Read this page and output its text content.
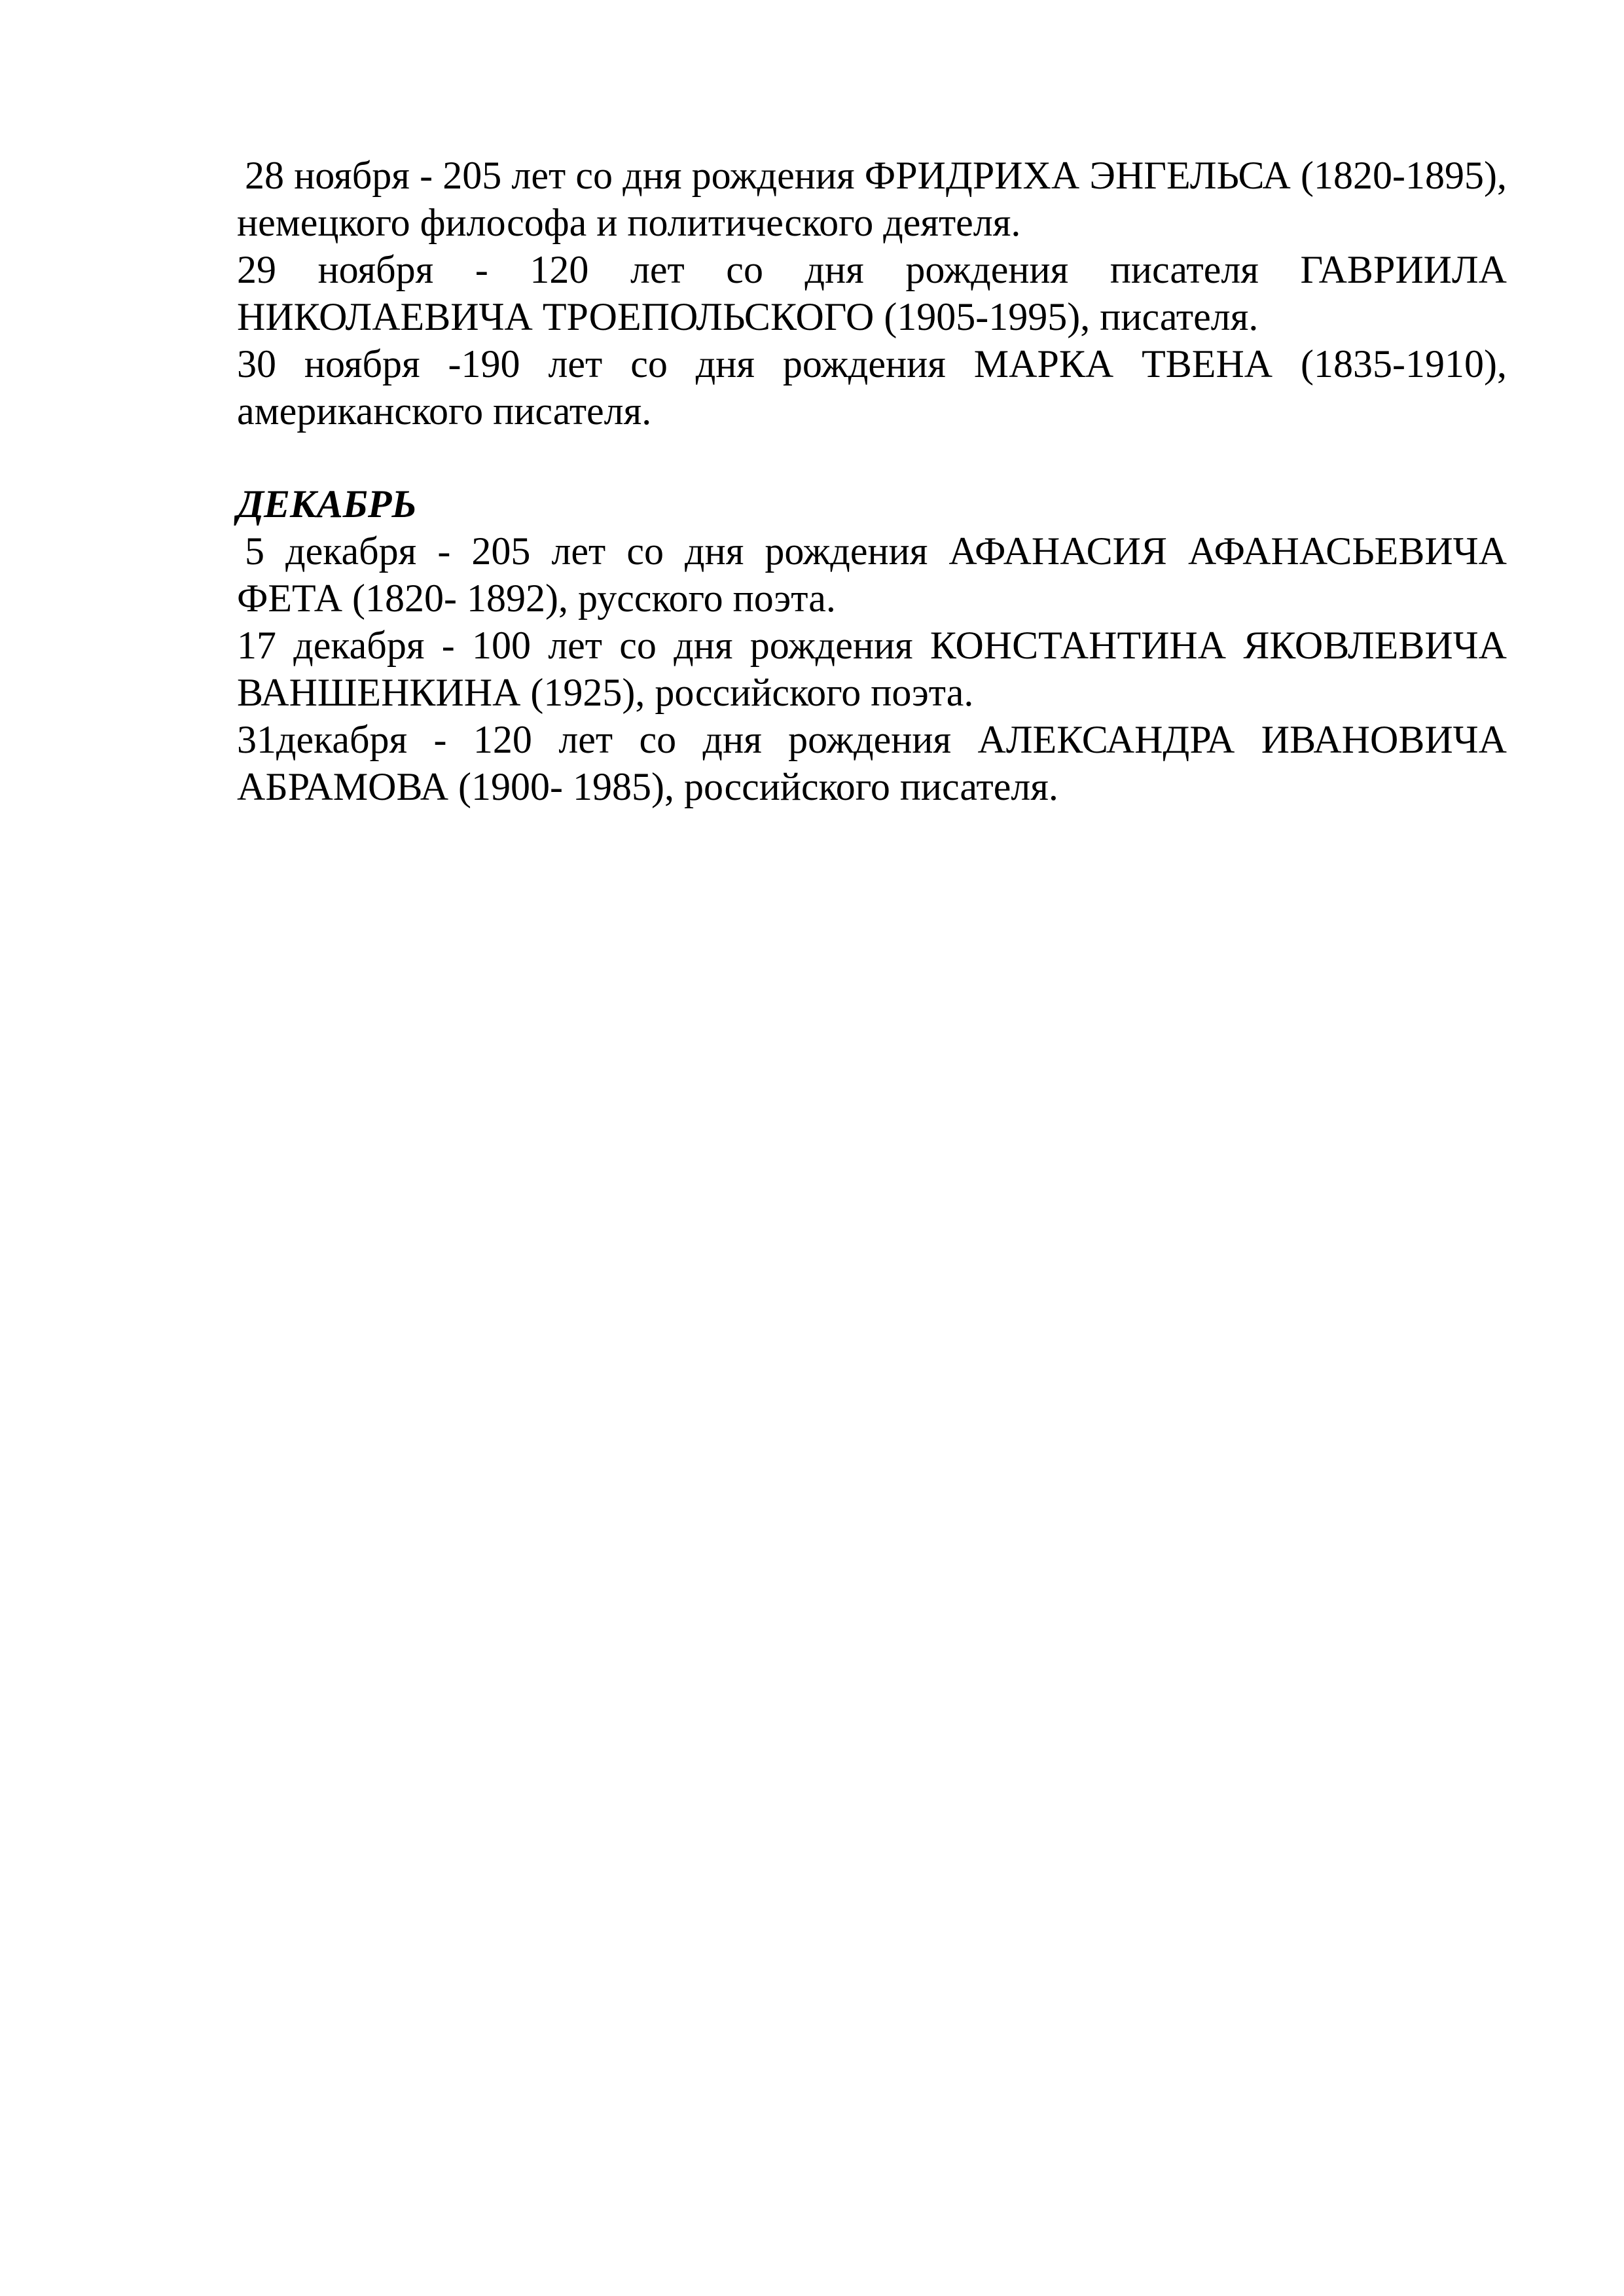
28 ноября - 205 лет со дня рождения ФРИДРИХА ЭНГЕЛЬСА (1820-1895), немецкого философа и политического деятеля.

29 ноября - 120 лет со дня рождения писателя ГАВРИИЛА НИКОЛАЕВИЧА ТРОЕПОЛЬСКОГО (1905-1995), писателя.

30 ноября -190 лет со дня рождения МАРКА ТВЕНА (1835-1910), американского писателя.

ДЕКАБРЬ

5 декабря - 205 лет со дня рождения АФАНАСИЯ АФАНАСЬЕВИЧА ФЕТА (1820- 1892), русского поэта.

17 декабря - 100 лет со дня рождения КОНСТАНТИНА ЯКОВЛЕВИЧА ВАНШЕНКИНА (1925), российского поэта.

31декабря - 120 лет со дня рождения АЛЕКСАНДРА ИВАНОВИЧА АБРАМОВА (1900- 1985), российского писателя.
